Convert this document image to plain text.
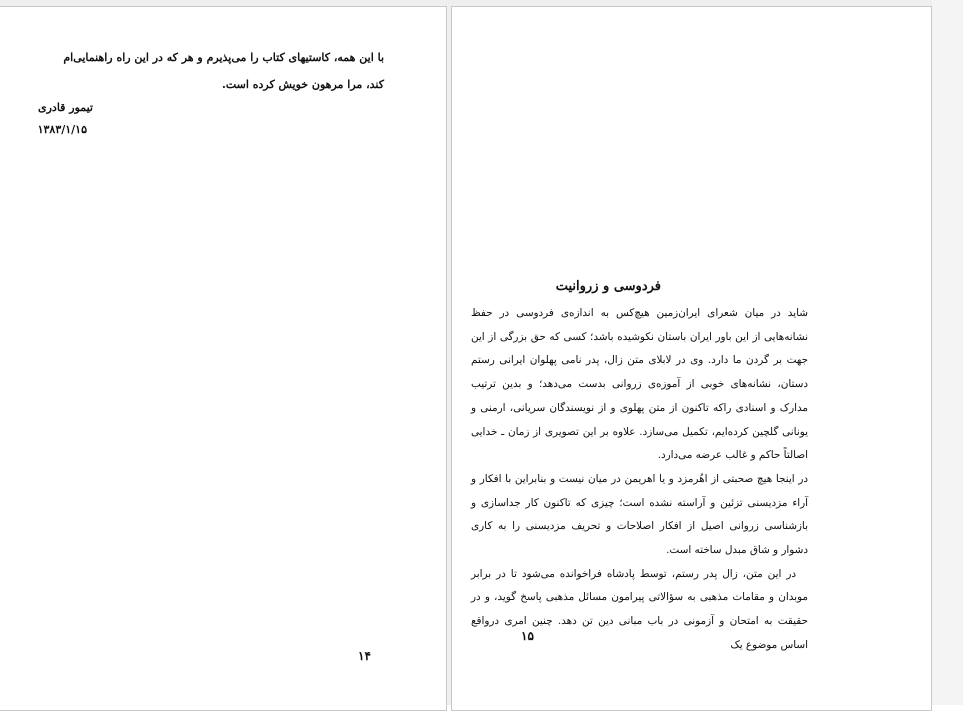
با این همه، کاستیهای کتاب را می‌پذیرم و هر که در این راه راهنمایی‌ام کند، مرا مرهون خویش کرده است.

تیمور قادری

۱۳۸۳/۱/۱۵

۱۴

فردوسی و زروانیت

شاید در میان شعرای ایران‌زمین هیچ‌کس به اندازه‌ی فردوسی در حفظ نشانه‌هایی از این باور ایران باستان نکوشیده باشد؛ کسی که حق بزرگی از این جهت بر گردن ما دارد. وی در لابلای متن زال، پدر نامی پهلوان ایرانی رستم دستان، نشانه‌های خوبی از آموزه‌ی زروانی بدست می‌دهد؛ و بدین ترتیب مدارک و اسنادی راکه تاکنون از متن پهلوی و از نویسندگان سریانی، ارمنی و یونانی گلچین کرده‌ایم، تکمیل می‌سازد. علاوه بر این تصویری از زمان ـ خدایی اصالتاً حاکم و غالب عرضه می‌دارد.

در اینجا هیچ صحبتی از اهُرمزد و یا اهریمن در میان نیست و بنابراین با افکار و آراء مزدیسنی تزئین و آراسته نشده است؛ چیزی که تاکنون کار جداسازی و بازشناسی زروانی اصیل از افکار اصلاحات و تحریف مزدیسنی را به کاری دشوار و شاق مبدل ساخته است.

در این متن، زال پدر رستم، توسط پادشاه فراخوانده می‌شود تا در برابر موبدان و مقامات مذهبی به سؤالاتی پیرامون مسائل مذهبی پاسخ گوید، و در حقیقت به امتحان و آزمونی در باب مبانی دین تن دهد. چنین امری درواقع اساس موضوع یک

۱۵
